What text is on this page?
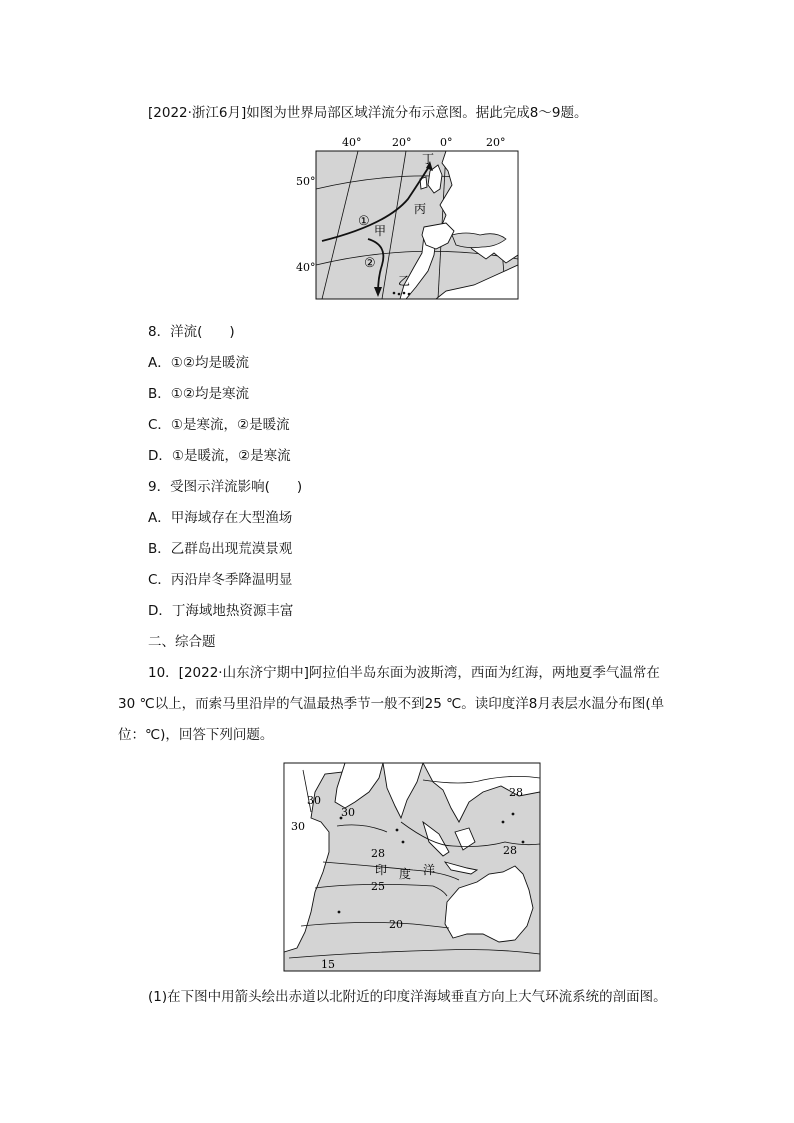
[2022·浙江6月]如图为世界局部区域洋流分布示意图。据此完成8～9题。
40°	20°	0°	20°
50°
40°
①
②
甲
乙
丙
丁
8．洋流(　　)
A．①②均是暖流
B．①②均是寒流
C．①是寒流，②是暖流
D．①是暖流，②是寒流
9．受图示洋流影响(　　)
A．甲海域存在大型渔场
B．乙群岛出现荒漠景观
C．丙沿岸冬季降温明显
D．丁海域地热资源丰富
二、综合题
10．[2022·山东济宁期中]阿拉伯半岛东面为波斯湾，西面为红海，两地夏季气温常在
30 ℃以上，而索马里沿岸的气温最热季节一般不到25 ℃。读印度洋8月表层水温分布图(单
位：℃)，回答下列问题。
30
30
30
28
28	28
25
20
15
印 度 洋
(1)在下图中用箭头绘出赤道以北附近的印度洋海域垂直方向上大气环流系统的剖面图。
